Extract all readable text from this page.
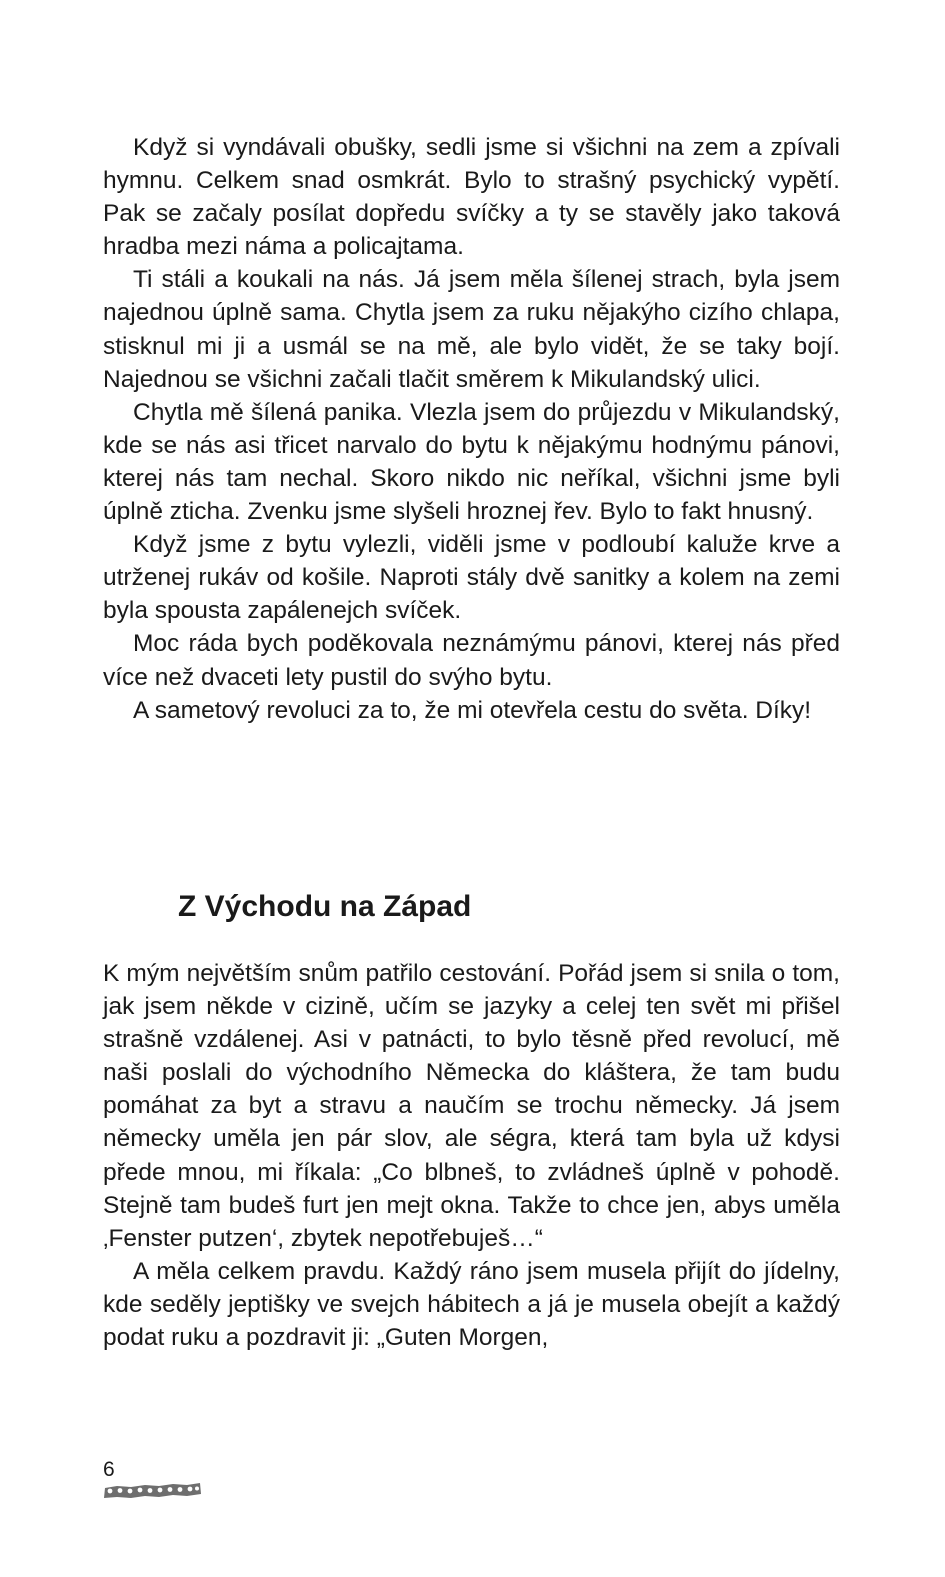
Když si vyndávali obušky, sedli jsme si všichni na zem a zpívali hymnu. Celkem snad osmkrát. Bylo to strašný psychický vypětí. Pak se začaly posílat dopředu svíčky a ty se stavěly jako taková hradba mezi náma a policajtama.

Ti stáli a koukali na nás. Já jsem měla šílenej strach, byla jsem najednou úplně sama. Chytla jsem za ruku nějakýho cizího chlapa, stisknul mi ji a usmál se na mě, ale bylo vidět, že se taky bojí. Najednou se všichni začali tlačit směrem k Mikulandský ulici.

Chytla mě šílená panika. Vlezla jsem do průjezdu v Mikulandský, kde se nás asi třicet narvalo do bytu k nějakýmu hodnýmu pánovi, kterej nás tam nechal. Skoro nikdo nic neříkal, všichni jsme byli úplně zticha. Zvenku jsme slyšeli hroznej řev. Bylo to fakt hnusný.

Když jsme z bytu vylezli, viděli jsme v podloubí kaluže krve a utrženej rukáv od košile. Naproti stály dvě sanitky a kolem na zemi byla spousta zapálenejch svíček.

Moc ráda bych poděkovala neznámýmu pánovi, kterej nás před více než dvaceti lety pustil do svýho bytu.

A sametový revoluci za to, že mi otevřela cestu do světa. Díky!

Z Východu na Západ

K mým největším snům patřilo cestování. Pořád jsem si snila o tom, jak jsem někde v cizině, učím se jazyky a celej ten svět mi přišel strašně vzdálenej. Asi v patnácti, to bylo těsně před revolucí, mě naši poslali do východního Německa do kláštera, že tam budu pomáhat za byt a stravu a naučím se trochu německy. Já jsem německy uměla jen pár slov, ale ségra, která tam byla už kdysi přede mnou, mi říkala: „Co blbneš, to zvládneš úplně v pohodě. Stejně tam budeš furt jen mejt okna. Takže to chce jen, abys uměla ‚Fenster putzen‘, zbytek nepotřebuješ…“

A měla celkem pravdu. Každý ráno jsem musela přijít do jídelny, kde seděly jeptišky ve svejch hábitech a já je musela obejít a každý podat ruku a pozdravit ji: „Guten Morgen,

6
